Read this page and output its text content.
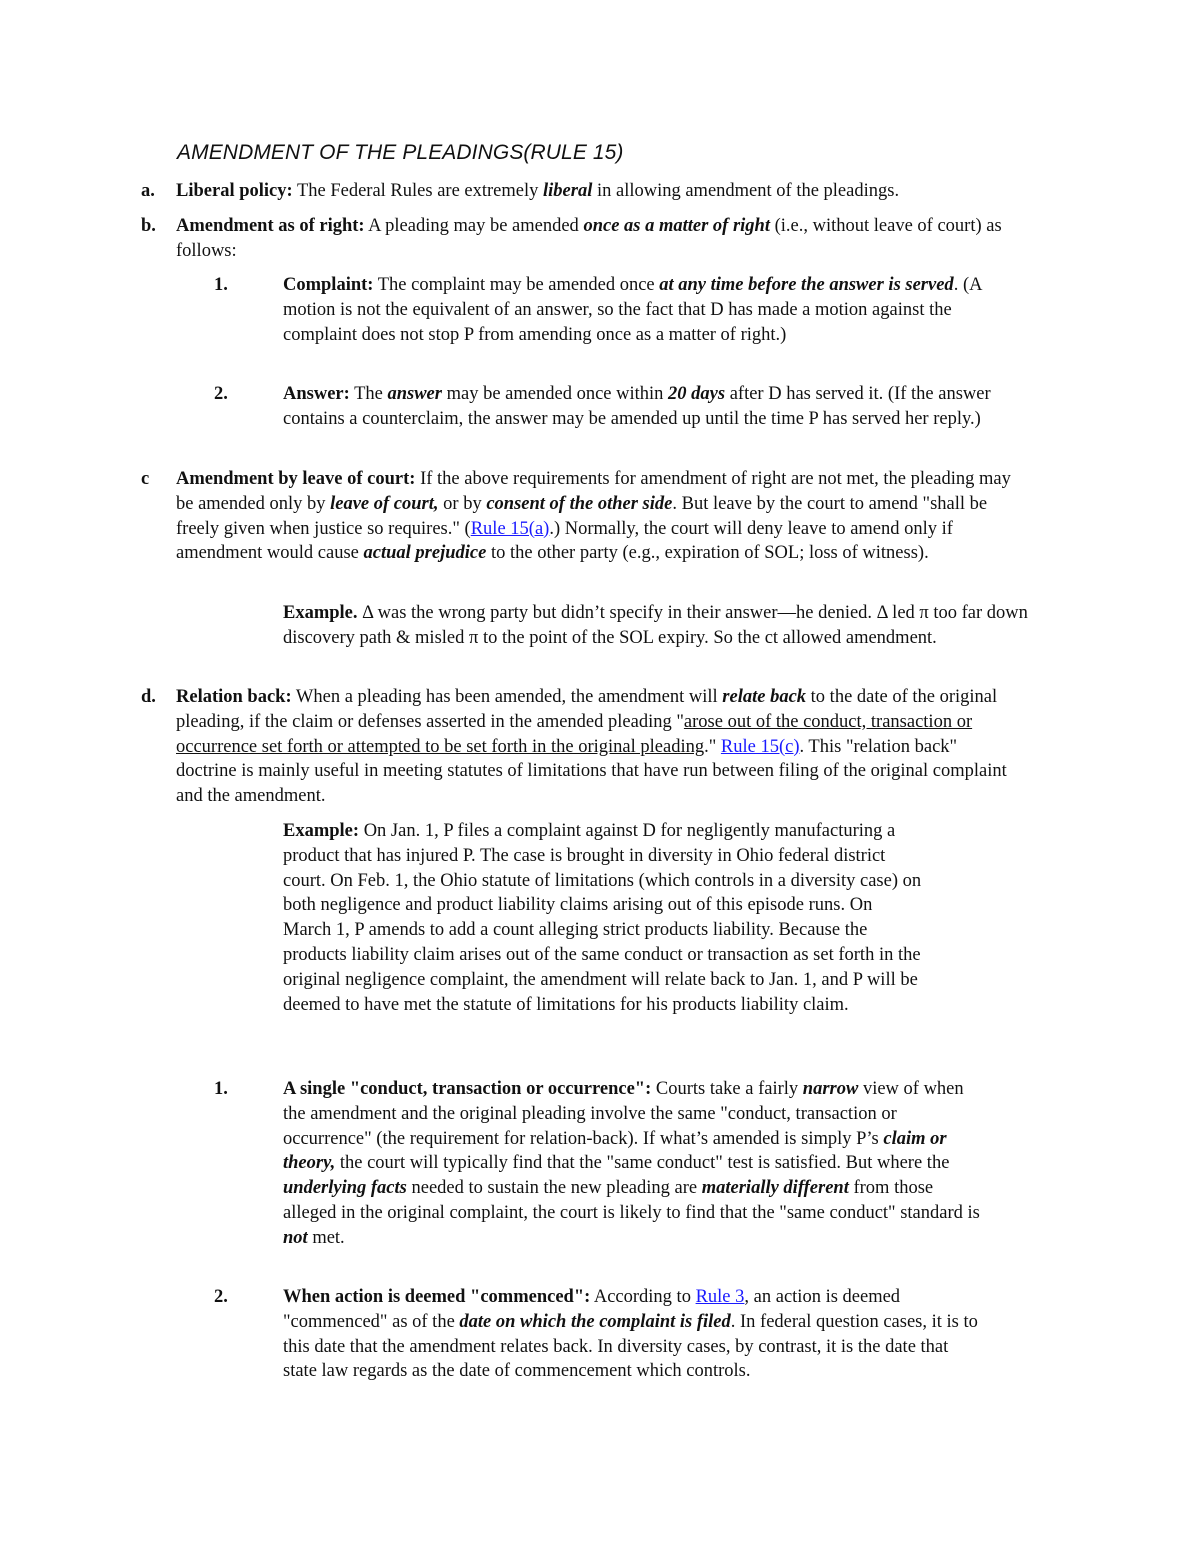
AMENDMENT OF THE PLEADINGS(RULE 15)
a. Liberal policy: The Federal Rules are extremely liberal in allowing amendment of the pleadings.

b. Amendment as of right: A pleading may be amended once as a matter of right (i.e., without leave of court) as follows:

1.	Complaint: The complaint may be amended once at any time before the answer is served. (A motion is not the equivalent of an answer, so the fact that D has made a motion against the complaint does not stop P from amending once as a matter of right.)

2.	Answer: The answer may be amended once within 20 days after D has served it. (If the answer contains a counterclaim, the answer may be amended up until the time P has served her reply.)

c Amendment by leave of court: If the above requirements for amendment of right are not met, the pleading may be amended only by leave of court, or by consent of the other side. But leave by the court to amend "shall be freely given when justice so requires." (Rule 15(a).) Normally, the court will deny leave to amend only if amendment would cause actual prejudice to the other party (e.g., expiration of SOL; loss of witness).

Example. Δ was the wrong party but didn’t specify in their answer—he denied. Δ led π too far down discovery path & misled π to the point of the SOL expiry. So the ct allowed amendment.

d. Relation back: When a pleading has been amended, the amendment will relate back to the date of the original pleading, if the claim or defenses asserted in the amended pleading "arose out of the conduct, transaction or occurrence set forth or attempted to be set forth in the original pleading." Rule 15(c). This "relation back" doctrine is mainly useful in meeting statutes of limitations that have run between filing of the original complaint and the amendment.

Example: On Jan. 1, P files a complaint against D for negligently manufacturing a product that has injured P. The case is brought in diversity in Ohio federal district court. On Feb. 1, the Ohio statute of limitations (which controls in a diversity case) on both negligence and product liability claims arising out of this episode runs. On March 1, P amends to add a count alleging strict products liability. Because the products liability claim arises out of the same conduct or transaction as set forth in the original negligence complaint, the amendment will relate back to Jan. 1, and P will be deemed to have met the statute of limitations for his products liability claim.

1.	A single "conduct, transaction or occurrence": Courts take a fairly narrow view of when the amendment and the original pleading involve the same "conduct, transaction or occurrence" (the requirement for relation-back). If what’s amended is simply P’s claim or theory, the court will typically find that the "same conduct" test is satisfied. But where the underlying facts needed to sustain the new pleading are materially different from those alleged in the original complaint, the court is likely to find that the "same conduct" standard is not met.

2.	When action is deemed "commenced": According to Rule 3, an action is deemed "commenced" as of the date on which the complaint is filed. In federal question cases, it is to this date that the amendment relates back. In diversity cases, by contrast, it is the date that state law regards as the date of commencement which controls.
